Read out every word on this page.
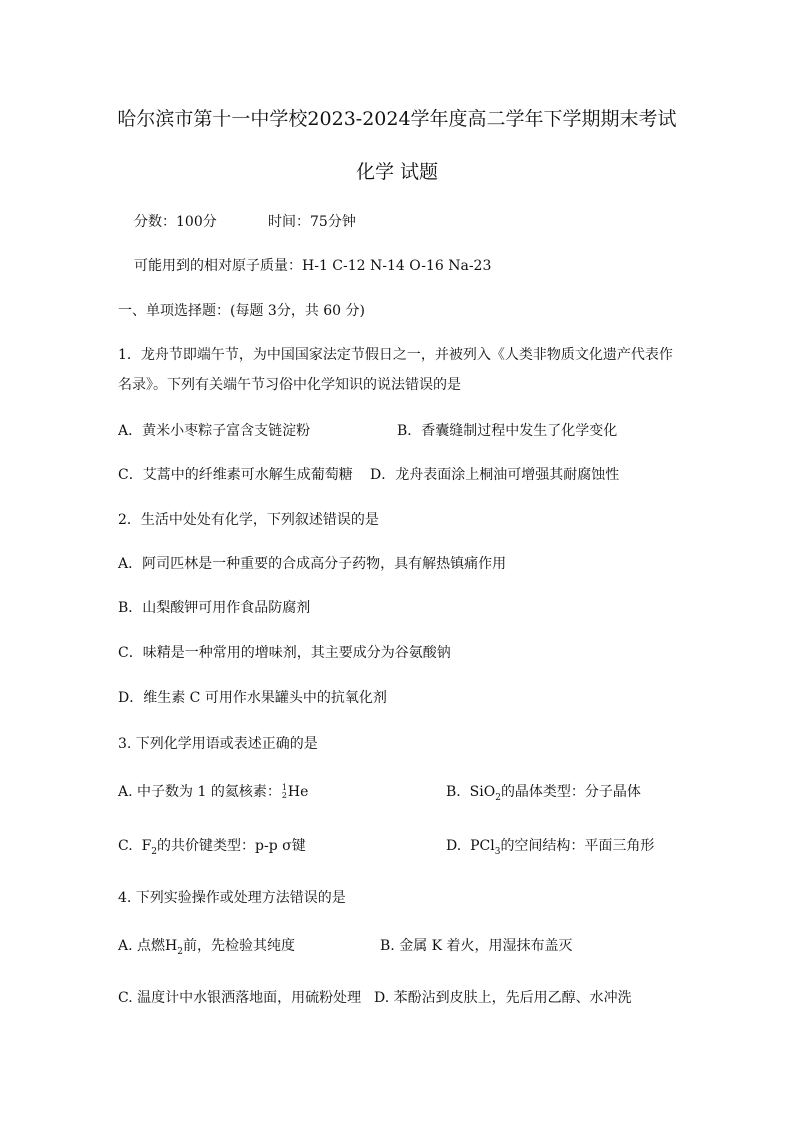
哈尔滨市第十一中学校2023-2024学年度高二学年下学期期末考试
化学 试题
分数：100分	时间：75分钟
可能用到的相对原子质量：H-1 C-12 N-14 O-16 Na-23
一、单项选择题：(每题 3分，共 60 分)
1．龙舟节即端午节，为中国国家法定节假日之一，并被列入《人类非物质文化遗产代表作
名录》。下列有关端午节习俗中化学知识的说法错误的是
A．黄米小枣粽子富含支链淀粉	B．香囊缝制过程中发生了化学变化
C．艾蒿中的纤维素可水解生成葡萄糖 D．龙舟表面涂上桐油可增强其耐腐蚀性
2．生活中处处有化学，下列叙述错误的是
A．阿司匹林是一种重要的合成高分子药物，具有解热镇痛作用
B．山梨酸钾可用作食品防腐剂
C．味精是一种常用的增味剂，其主要成分为谷氨酸钠
D．维生素 C 可用作水果罐头中的抗氧化剂
3. 下列化学用语或表述正确的是
A. 中子数为 1 的氦核素：1
2He	B. SiO$_2$的晶体类型：分子晶体
C. $F_2$的共价键类型：p-p σ键	D. PCl$_3$的空间结构：平面三角形
4. 下列实验操作或处理方法错误的是
A. 点燃$H_2$前，先检验其纯度	B. 金属 K 着火，用湿抹布盖灭
C. 温度计中水银洒落地面，用硫粉处理 D. 苯酚沾到皮肤上，先后用乙醇、水冲洗
